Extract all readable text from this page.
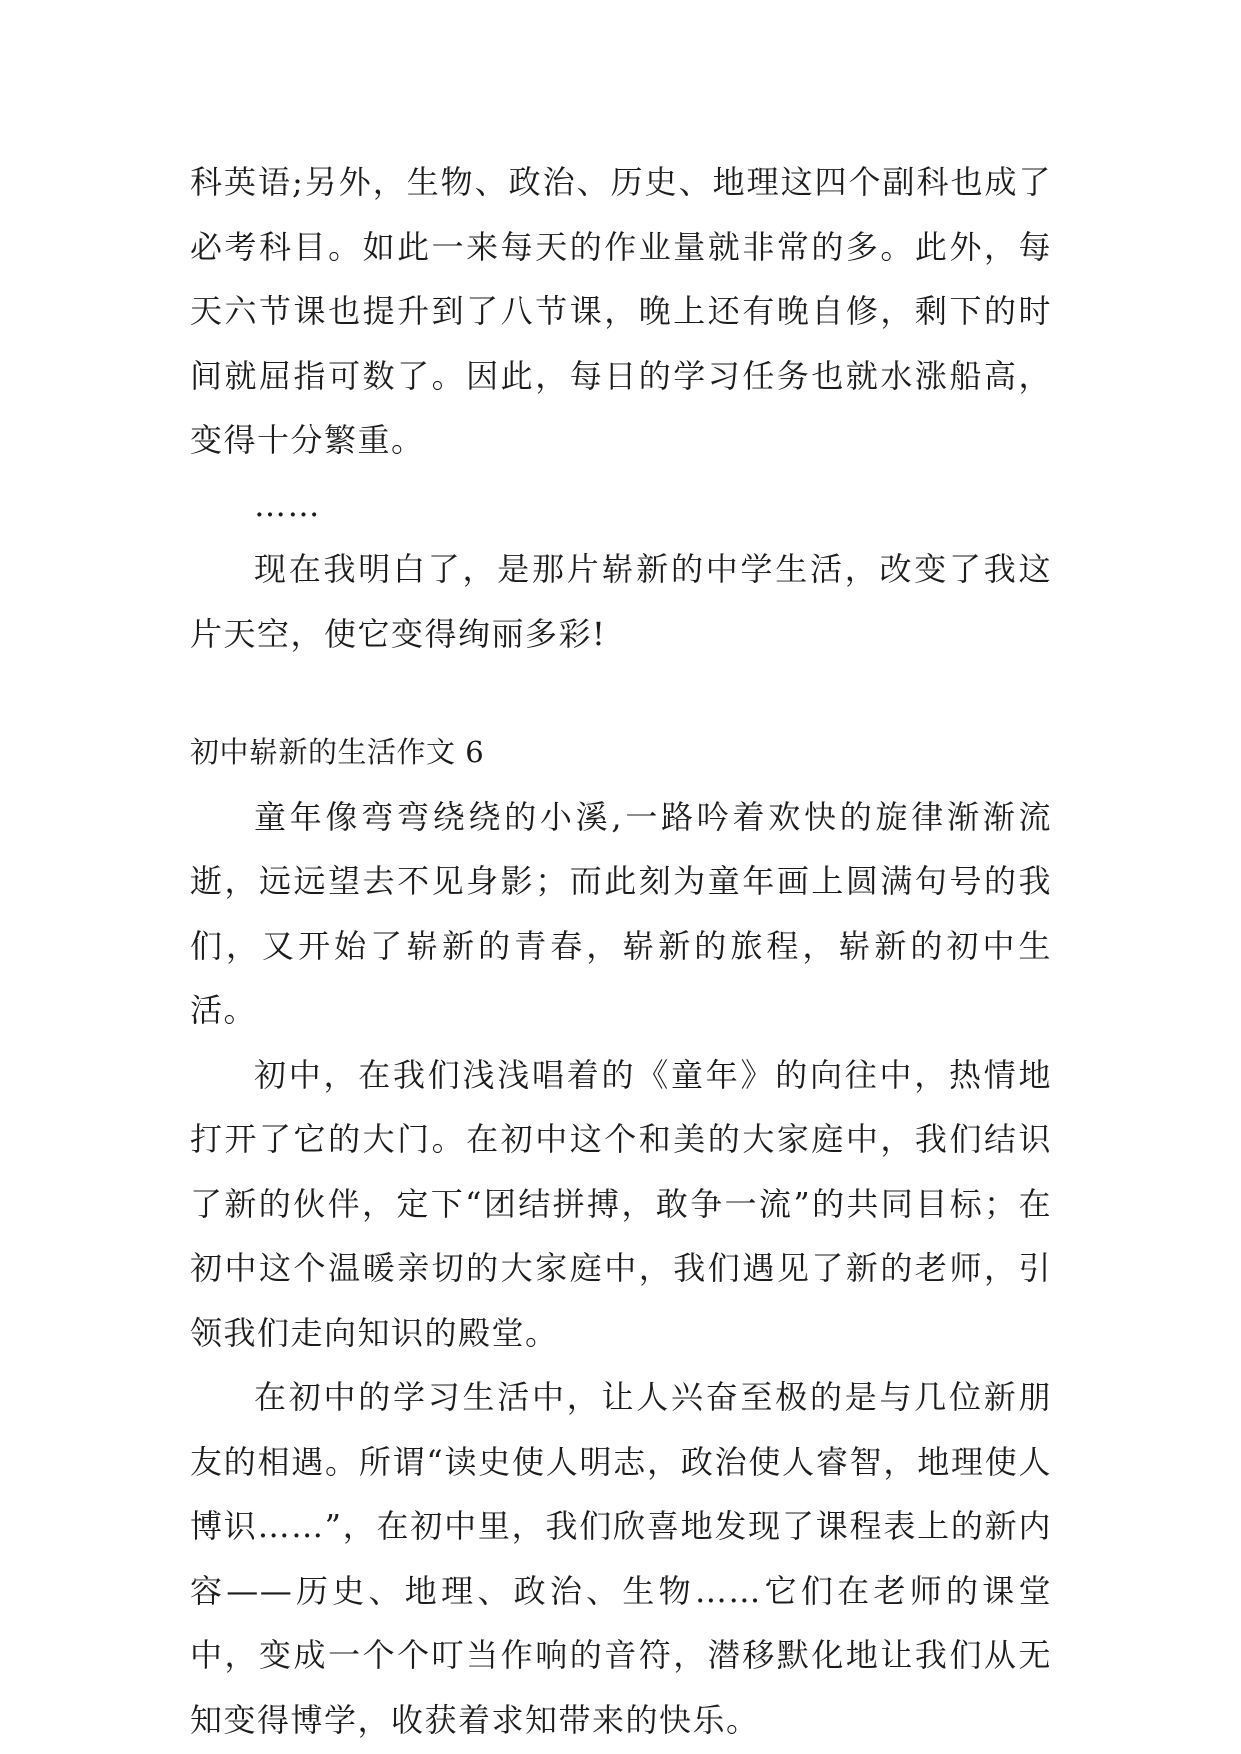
科英语;另外，生物、政治、历史、地理这四个副科也成了必考科目。如此一来每天的作业量就非常的多。此外，每天六节课也提升到了八节课，晚上还有晚自修，剩下的时间就屈指可数了。因此，每日的学习任务也就水涨船高，变得十分繁重。

……

现在我明白了，是那片崭新的中学生活，改变了我这片天空，使它变得绚丽多彩!

初中崭新的生活作文 6

童年像弯弯绕绕的小溪,一路吟着欢快的旋律渐渐流逝，远远望去不见身影；而此刻为童年画上圆满句号的我们，又开始了崭新的青春，崭新的旅程，崭新的初中生活。

初中，在我们浅浅唱着的《童年》的向往中，热情地打开了它的大门。在初中这个和美的大家庭中，我们结识了新的伙伴，定下“团结拼搏，敢争一流”的共同目标；在初中这个温暖亲切的大家庭中，我们遇见了新的老师，引领我们走向知识的殿堂。

在初中的学习生活中，让人兴奋至极的是与几位新朋友的相遇。所谓“读史使人明志，政治使人睿智，地理使人博识……”，在初中里，我们欣喜地发现了课程表上的新内容——历史、地理、政治、生物……它们在老师的课堂中，变成一个个叮当作响的音符，潜移默化地让我们从无知变得博学，收获着求知带来的快乐。
